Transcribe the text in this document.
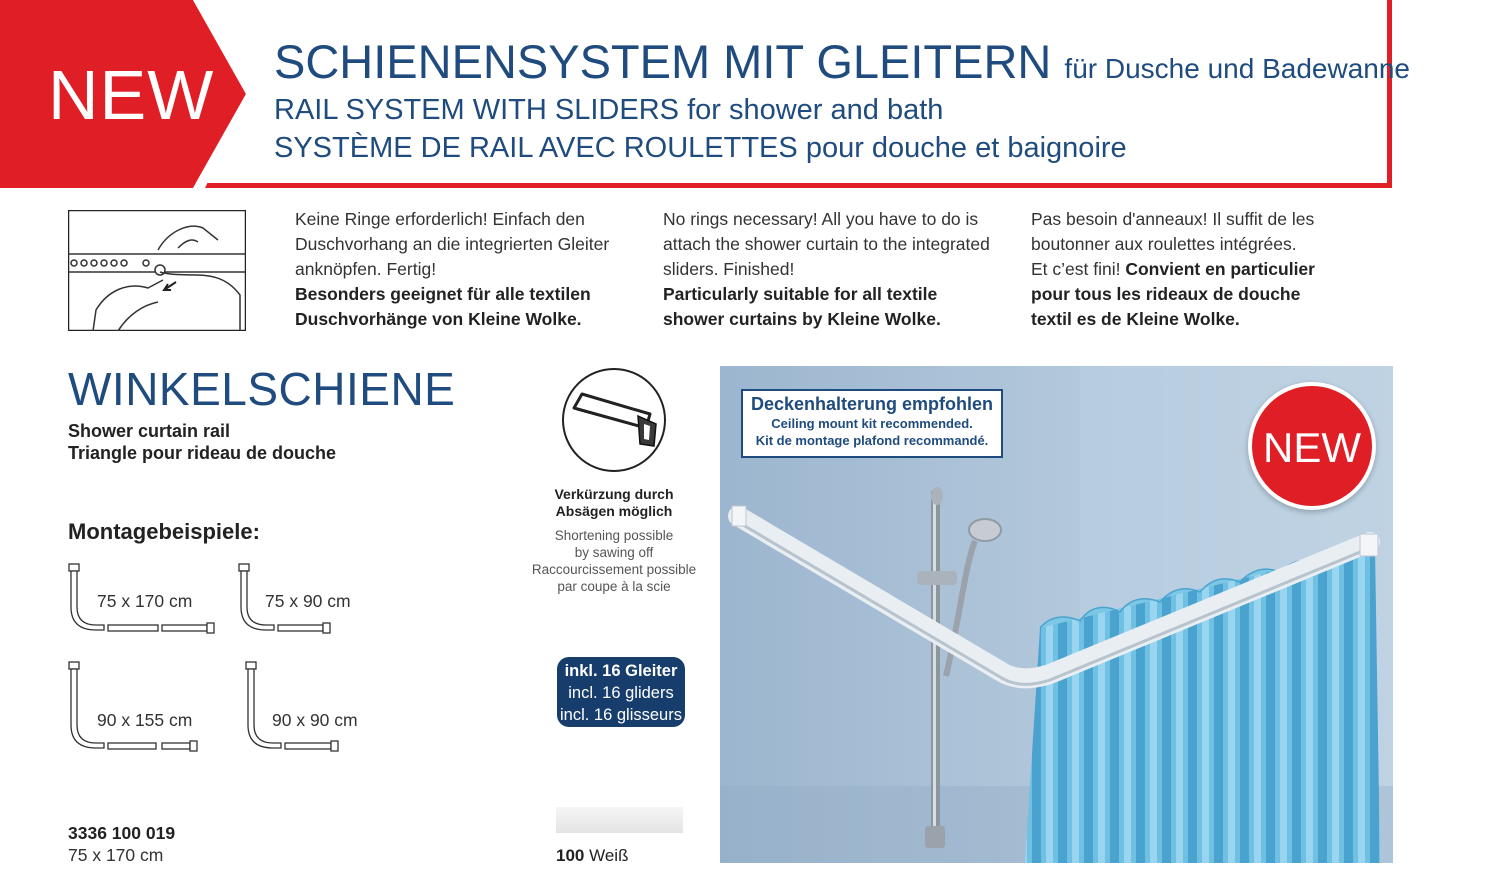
NEW SCHIENENSYSTEM MIT GLEITERN für Dusche und Badewanne
RAIL SYSTEM WITH SLIDERS for shower and bath
SYSTÈME DE RAIL AVEC ROULETTES pour douche et baignoire
Keine Ringe erforderlich! Einfach den
Duschvorhang an die integrierten Gleiter
anknöpfen. Fertig!
Besonders geeignet für alle textilen
Duschvorhänge von Kleine Wolke.
No rings necessary! All you have to do is
attach the shower curtain to the integrated
sliders. Finished!
Particularly suitable for all textile
shower curtains by Kleine Wolke.
Pas besoin d'anneaux! Il suffit de les
boutonner aux roulettes intégrées.
Et c’est fini! Convient en particulier
pour tous les rideaux de douche
textil es de Kleine Wolke.
WINKELSCHIENE
Shower curtain rail
Triangle pour rideau de douche
Montagebeispiele:
75 x 170 cm	75 x 90 cm
90 x 155 cm	90 x 90 cm
3336 100 019
75 x 170 cm
Verkürzung durch
Absägen möglich
Shortening possible
by sawing off
Raccourcissement possible
par coupe à la scie
inkl. 16 Gleiter
incl. 16 gliders
incl. 16 glisseurs
100 Weiß
Deckenhalterung empfohlen
Ceiling mount kit recommended.
Kit de montage plafond recommandé.	NEW
